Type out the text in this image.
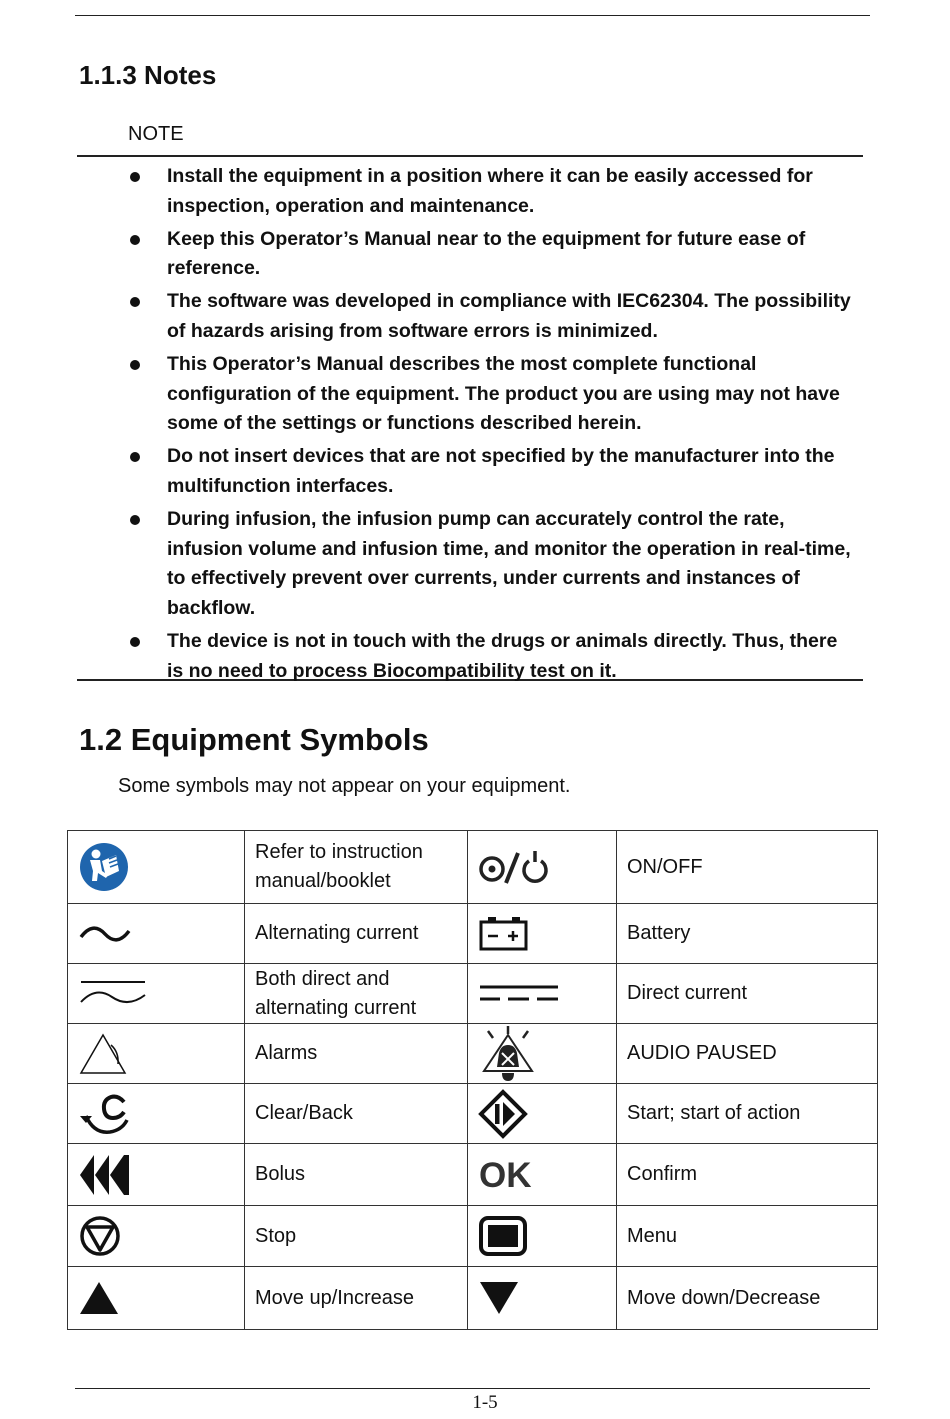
1.1.3 Notes
NOTE
Install the equipment in a position where it can be easily accessed for inspection, operation and maintenance.
Keep this Operator’s Manual near to the equipment for future ease of reference.
The software was developed in compliance with IEC62304. The possibility of hazards arising from software errors is minimized.
This Operator’s Manual describes the most complete functional configuration of the equipment. The product you are using may not have some of the settings or functions described herein.
Do not insert devices that are not specified by the manufacturer into the multifunction interfaces.
During infusion, the infusion pump can accurately control the rate, infusion volume and infusion time, and monitor the operation in real-time, to effectively prevent over currents, under currents and instances of backflow.
The device is not in touch with the drugs or animals directly. Thus, there is no need to process Biocompatibility test on it.
1.2 Equipment Symbols
Some symbols may not appear on your equipment.
	Refer to instruction manual/booklet		ON/OFF

	Alternating current		Battery

	Both direct and alternating current		Direct current

	Alarms		AUDIO PAUSED

	Clear/Back		Start; start of action

	Bolus	OK	Confirm

	Stop		Menu

	Move up/Increase		Move down/Decrease
1-5
